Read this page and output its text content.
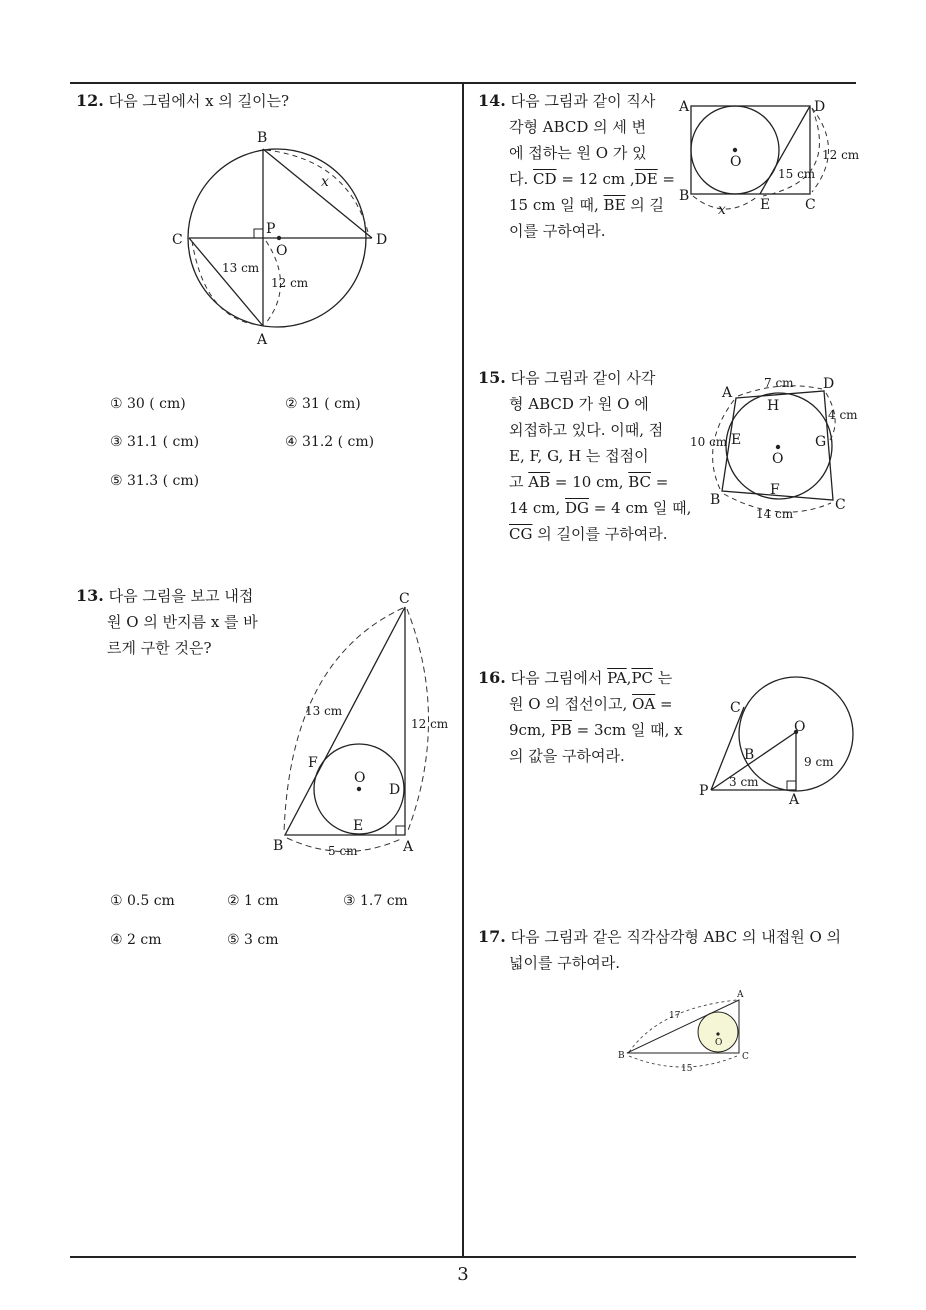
12. 다음 그림에서 x 의 길이는?
B
C	D
P
O
A
x
13 cm
12 cm
① 30 ( cm)	② 31 ( cm)
③ 31.1 ( cm)	④ 31.2 ( cm)
⑤ 31.3 ( cm)
13. 다음 그림을 보고 내접
원 O 의 반지름 x 를 바
르게 구한 것은?
C
B	A
F
D
E
O
13 cm
12 cm
5 cm
① 0.5 cm	② 1 cm	③ 1.7 cm
④ 2 cm	⑤ 3 cm
14. 다음 그림과 같이 직사
각형 ABCD 의 세 변
에 접하는 원 O 가 있
다. $\overline{CD} = 12$ cm $,\overline{DE}$ =
15 cm 일 때, $\overline{BE}$ 의 길
이를 구하여라.
A	D
B
E C
O
x
15 cm
12 cm
15. 다음 그림과 같이 사각
형 ABCD 가 원 O 에
외접하고 있다. 이때, 점
E, F, G, H 는 접점이
고 $\overline{AB} = 10$ cm, $\overline{BC}$ =
14 cm, $\overline{DG} = 4$ cm 일 때,
$\overline{CG}$ 의 길이를 구하여라.
A
D
H
E	G
O
F
B	C
7 cm
4 cm
10 cm
14 cm
16. 다음 그림에서 $\overline{PA},\overline{PC}$ 는
원 O 의 접선이고, $\overline{OA}$ =
9cm, $\overline{PB} = 3cm$ 일 때, x
의 값을 구하여라.
C
O
B
P
A
3 cm
9 cm
17. 다음 그림과 같은 직각삼각형 ABC 의 내접원 O 의
넓이를 구하여라.
A
B	C
O
17
15
3
